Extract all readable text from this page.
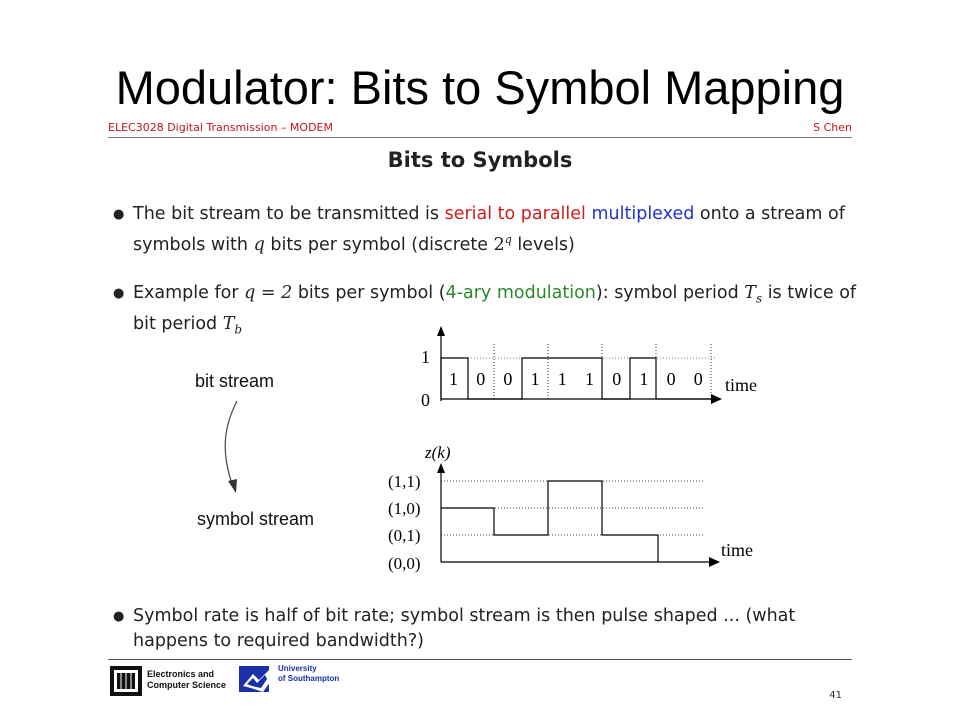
Modulator: Bits to Symbol Mapping
ELEC3028 Digital Transmission – MODEM	S Chen
Bits to Symbols
● The bit stream to be transmitted is serial to parallel multiplexed onto a stream of symbols with q bits per symbol (discrete 2$^q$ levels)
● Example for q = 2 bits per symbol (4-ary modulation): symbol period $T_s$ is twice of bit period $T_b$
bit stream
symbol stream
1
0
1 0 0 1 1 1 0 1 0 0 time
z(k)
(1,1)
(1,0)
(0,1)
(0,0)
time
● Symbol rate is half of bit rate; symbol stream is then pulse shaped ... (what happens to required bandwidth?)
Electronics and
Computer Science
University
of Southampton
41
